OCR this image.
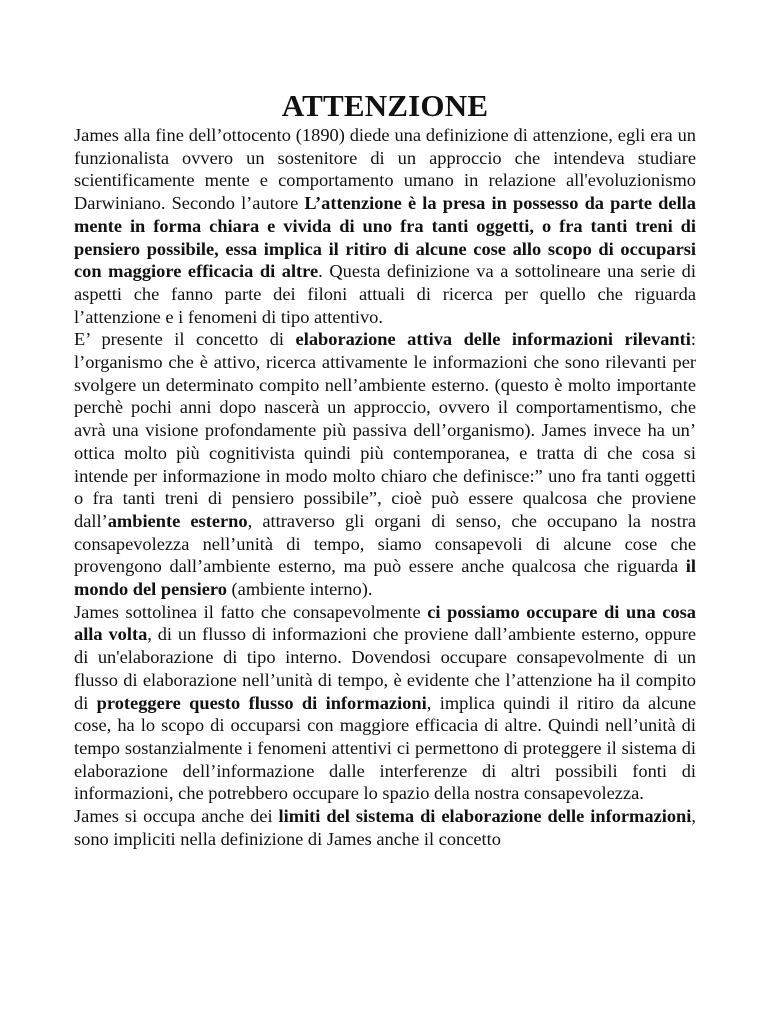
ATTENZIONE

James alla fine dell’ottocento (1890) diede una definizione di attenzione, egli era un funzionalista ovvero un sostenitore di un approccio che intendeva studiare scientificamente mente e comportamento umano in relazione all'evoluzionismo Darwiniano. Secondo l’autore L’attenzione è la presa in possesso da parte della mente in forma chiara e vivida di uno fra tanti oggetti, o fra tanti treni di pensiero possibile, essa implica il ritiro di alcune cose allo scopo di occuparsi con maggiore efficacia di altre. Questa definizione va a sottolineare una serie di aspetti che fanno parte dei filoni attuali di ricerca per quello che riguarda l’attenzione e i fenomeni di tipo attentivo.

E’ presente il concetto di elaborazione attiva delle informazioni rilevanti: l’organismo che è attivo, ricerca attivamente le informazioni che sono rilevanti per svolgere un determinato compito nell’ambiente esterno. (questo è molto importante perchè pochi anni dopo nascerà un approccio, ovvero il comportamentismo, che avrà una visione profondamente più passiva dell’organismo). James invece ha un’ ottica molto più cognitivista quindi più contemporanea, e tratta di che cosa si intende per informazione in modo molto chiaro che definisce:” uno fra tanti oggetti o fra tanti treni di pensiero possibile”, cioè può essere qualcosa che proviene dall’ambiente esterno, attraverso gli organi di senso, che occupano la nostra consapevolezza nell’unità di tempo, siamo consapevoli di alcune cose che provengono dall’ambiente esterno, ma può essere anche qualcosa che riguarda il mondo del pensiero (ambiente interno).

James sottolinea il fatto che consapevolmente ci possiamo occupare di una cosa alla volta, di un flusso di informazioni che proviene dall’ambiente esterno, oppure di un'elaborazione di tipo interno. Dovendosi occupare consapevolmente di un flusso di elaborazione nell’unità di tempo, è evidente che l’attenzione ha il compito di proteggere questo flusso di informazioni, implica quindi il ritiro da alcune cose, ha lo scopo di occuparsi con maggiore efficacia di altre. Quindi nell’unità di tempo sostanzialmente i fenomeni attentivi ci permettono di proteggere il sistema di elaborazione dell’informazione dalle interferenze di altri possibili fonti di informazioni, che potrebbero occupare lo spazio della nostra consapevolezza.

James si occupa anche dei limiti del sistema di elaborazione delle informazioni, sono impliciti nella definizione di James anche il concetto
